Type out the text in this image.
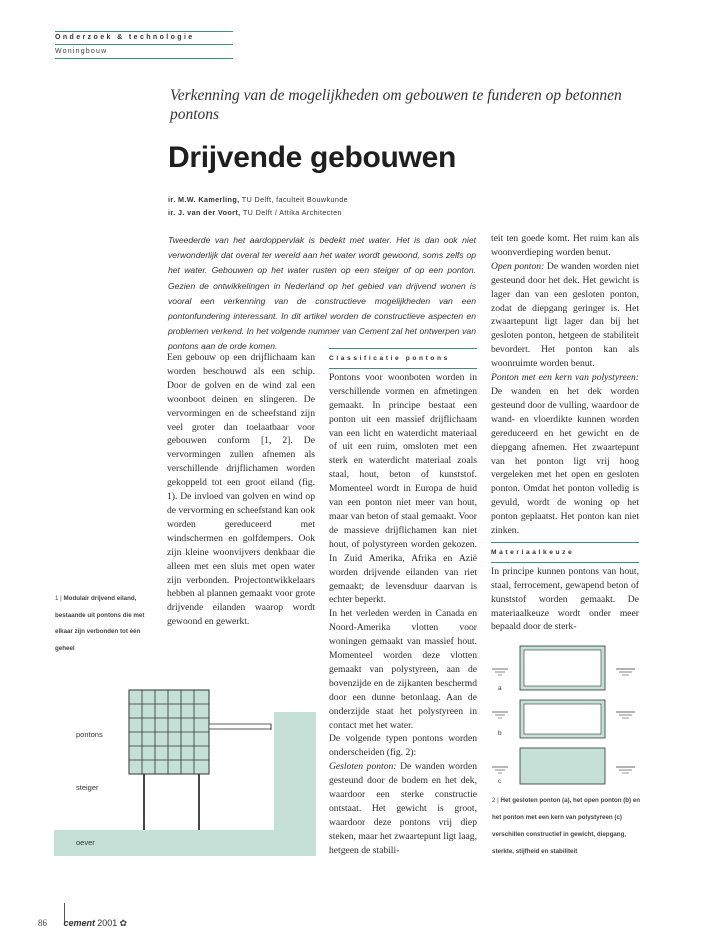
Onderzoek & technologie
Woningbouw
Verkenning van de mogelijkheden om gebouwen te funderen op betonnen pontons
Drijvende gebouwen
ir. M.W. Kamerling, TU Delft, faculteit Bouwkunde
ir. J. van der Voort, TU Delft / Attika Architecten
Tweederde van het aardoppervlak is bedekt met water. Het is dan ook niet verwonderlijk dat overal ter wereld aan het water wordt gewoond, soms zelfs op het water. Gebouwen op het water rusten op een steiger of op een ponton. Gezien de ontwikkelingen in Nederland op het gebied van drijvend wonen is vooral een verkenning van de constructieve mogelijkheden van een pontonfundering interessant. In dit artikel worden de constructieve aspecten en problemen verkend. In het volgende nummer van Cement zal het ontwerpen van pontons aan de orde komen.

Een gebouw op een drijflichaam kan worden beschouwd als een schip. Door de golven en de wind zal een woonboot deinen en slingeren. De vervormingen en de scheefstand zijn veel groter dan toelaatbaar voor gebouwen conform [1, 2]. De vervormingen zullen afnemen als verschillende drijflichamen worden gekoppeld tot een groot eiland (fig. 1). De invloed van golven en wind op de vervorming en scheefstand kan ook worden gereduceerd met windschermen en golfdempers. Ook zijn kleine woonvijvers denkbaar die alleen met een sluis met open water zijn verbonden. Projectontwikkelaars hebben al plannen gemaakt voor grote drijvende eilanden waarop wordt gewoond en gewerkt.

Classificatie pontons

Pontons voor woonboten worden in verschillende vormen en afmetingen gemaakt. In principe bestaat een ponton uit een massief drijflichaam van een licht en waterdicht materiaal of uit een ruim, omsloten met een sterk en waterdicht materiaal zoals staal, hout, beton of kunststof. Momenteel wordt in Europa de huid van een ponton niet meer van hout, maar van beton of staal gemaakt. Voor de massieve drijflichamen kan niet hout, of polystyreen worden gekozen. In Zuid Amerika, Afrika en Azië worden drijvende eilanden van riet gemaakt; de levensduur daarvan is echter beperkt.

In het verleden werden in Canada en Noord-Amerika vlotten voor woningen gemaakt van massief hout. Momenteel worden deze vlotten gemaakt van polystyreen, aan de bovenzijde en de zijkanten beschermd door een dunne betonlaag. Aan de onderzijde staat het polystyreen in contact met het water.

De volgende typen pontons worden onderscheiden (fig. 2):

Gesloten ponton: De wanden worden gesteund door de bodem en het dek, waardoor een sterke constructie ontstaat. Het gewicht is groot, waardoor deze pontons vrij diep steken, maar het zwaartepunt ligt laag, hetgeen de stabili-

teit ten goede komt. Het ruim kan als woonverdieping worden benut.

Open ponton: De wanden worden niet gesteund door het dek. Het gewicht is lager dan van een gesloten ponton, zodat de diepgang geringer is. Het zwaartepunt ligt lager dan bij het gesloten ponton, hetgeen de stabiliteit bevordert. Het ponton kan als woonruimte worden benut.

Ponton met een kern van polystyreen: De wanden en het dek worden gesteund door de vulling, waardoor de wand- en vloerdikte kunnen worden gereduceerd en het gewicht en de diepgang afnemen. Het zwaartepunt van het ponton ligt vrij hoog vergeleken met het open en gesloten ponton. Omdat het ponton volledig is gevuld, wordt de woning op het ponton geplaatst. Het ponton kan niet zinken.

Materiaalkeuze

In principe kunnen pontons van hout, staal, ferrocement, gewapend beton of kunststof worden gemaakt. De materiaalkeuze wordt onder meer bepaald door de sterk-

1 | Modulair drijvend eiland, bestaande uit pontons die met elkaar zijn verbonden tot één geheel
pontons
steiger
oever
a
b
c
2 | Het gesloten ponton (a), het open ponton (b) en het ponton met een kern van polystyreen (c) verschillen constructief in gewicht, diepgang, sterkte, stijfheid en stabiliteit
86 cement 2001 ✿
